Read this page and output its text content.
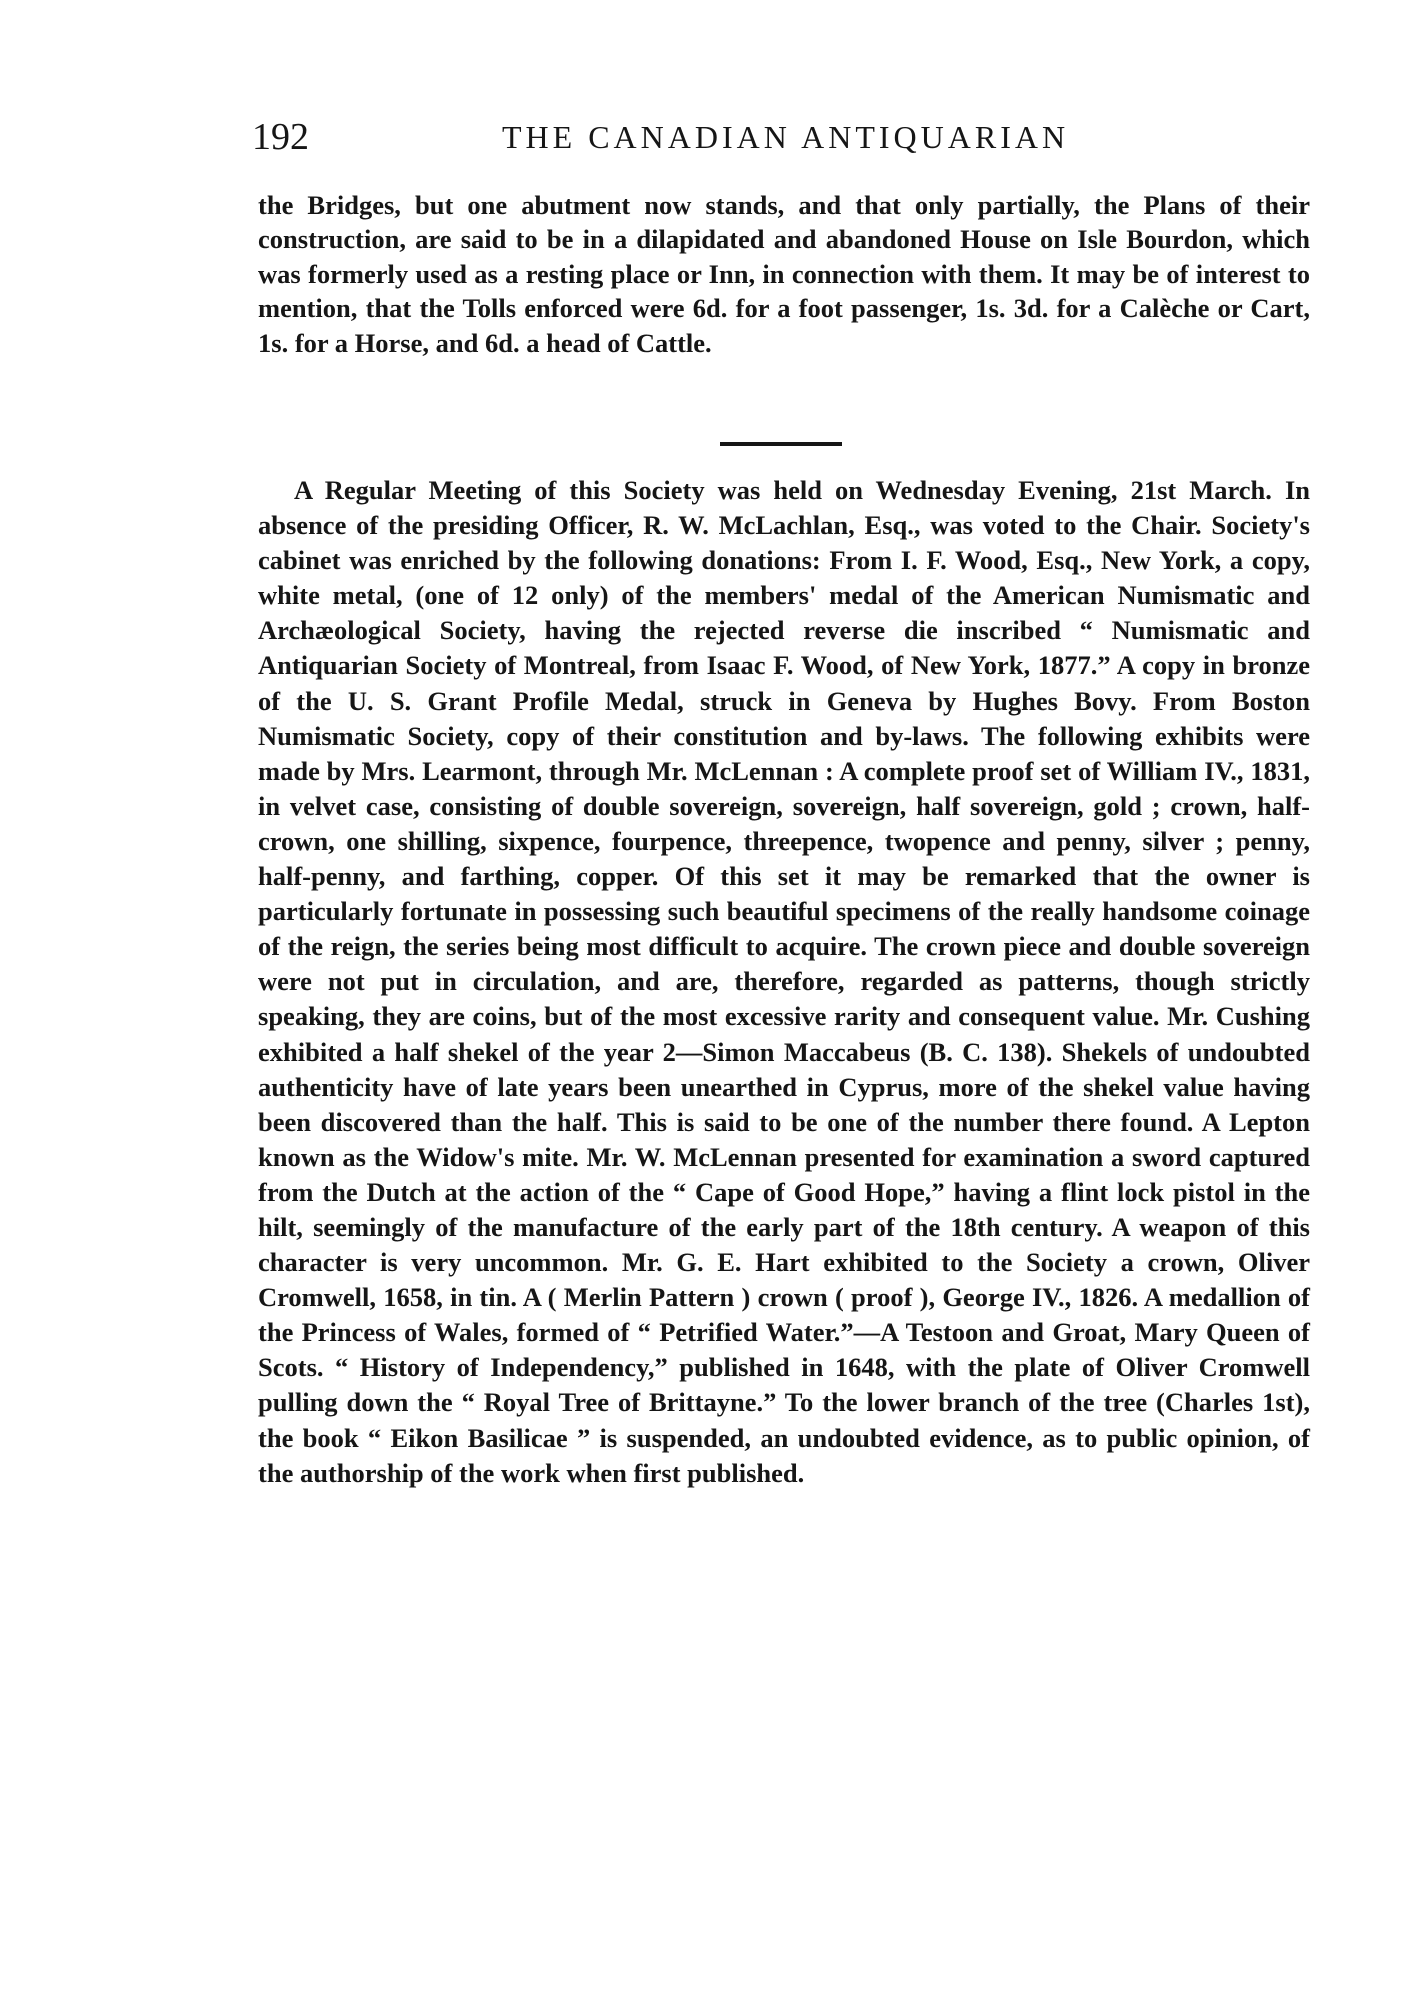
192	THE CANADIAN ANTIQUARIAN

the Bridges, but one abutment now stands, and that only partially, the Plans of their construction, are said to be in a dilapidated and abandoned House on Isle Bourdon, which was formerly used as a resting place or Inn, in connection with them. It may be of interest to mention, that the Tolls enforced were 6d. for a foot passenger, 1s. 3d. for a Calèche or Cart, 1s. for a Horse, and 6d. a head of Cattle.

A Regular Meeting of this Society was held on Wednesday Evening, 21st March. In absence of the presiding Officer, R. W. McLachlan, Esq., was voted to the Chair. Society's cabinet was enriched by the following donations: From I. F. Wood, Esq., New York, a copy, white metal, (one of 12 only) of the members' medal of the American Numismatic and Archæological Society, having the rejected reverse die inscribed “ Numismatic and Antiquarian Society of Montreal, from Isaac F. Wood, of New York, 1877.” A copy in bronze of the U. S. Grant Profile Medal, struck in Geneva by Hughes Bovy. From Boston Numismatic Society, copy of their constitution and by-laws. The following exhibits were made by Mrs. Learmont, through Mr. McLennan : A complete proof set of William IV., 1831, in velvet case, consisting of double sovereign, sovereign, half sovereign, gold ; crown, half-crown, one shilling, sixpence, fourpence, threepence, twopence and penny, silver ; penny, half-penny, and farthing, copper. Of this set it may be remarked that the owner is particularly fortunate in possessing such beautiful specimens of the really handsome coinage of the reign, the series being most difficult to acquire. The crown piece and double sovereign were not put in circulation, and are, therefore, regarded as patterns, though strictly speaking, they are coins, but of the most excessive rarity and consequent value. Mr. Cushing exhibited a half shekel of the year 2—Simon Maccabeus (B. C. 138). Shekels of undoubted authenticity have of late years been unearthed in Cyprus, more of the shekel value having been discovered than the half. This is said to be one of the number there found. A Lepton known as the Widow's mite. Mr. W. McLennan presented for examination a sword captured from the Dutch at the action of the “ Cape of Good Hope,” having a flint lock pistol in the hilt, seemingly of the manufacture of the early part of the 18th century. A weapon of this character is very uncommon. Mr. G. E. Hart exhibited to the Society a crown, Oliver Cromwell, 1658, in tin. A ( Merlin Pattern ) crown ( proof ), George IV., 1826. A medallion of the Princess of Wales, formed of “ Petrified Water.”—A Testoon and Groat, Mary Queen of Scots. “ History of Independency,” published in 1648, with the plate of Oliver Cromwell pulling down the “ Royal Tree of Brittayne.” To the lower branch of the tree (Charles 1st), the book “ Eikon Basilicae ” is suspended, an undoubted evidence, as to public opinion, of the authorship of the work when first published.
